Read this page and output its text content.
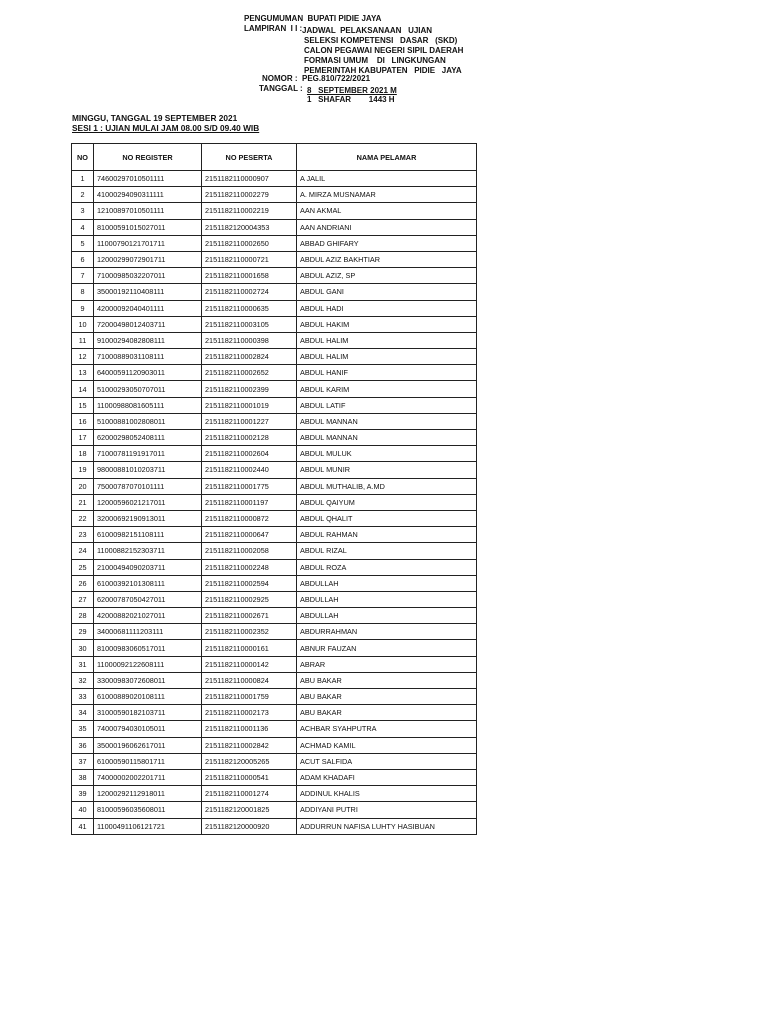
PENGUMUMAN  BUPATI PIDIE JAYA
LAMPIRAN  I I : JADWAL  PELAKSANAAN   UJIAN
SELEKSI KOMPETENSI   DASAR   (SKD)
CALON PEGAWAI NEGERI SIPIL DAERAH
FORMASI UMUM    DI   LINGKUNGAN
PEMERINTAH KABUPATEN   PIDIE   JAYA
NOMOR : PEG.810/722/2021
TANGGAL : 8   SEPTEMBER 2021 M
1   SHAFAR        1443 H
MINGGU, TANGGAL 19 SEPTEMBER 2021
SESI 1 : UJIAN MULAI JAM 08.00 S/D 09.40 WIB
NO	NO REGISTER	NO PESERTA	NAMA PELAMAR
1	74600297010501111	2151182110000907	A JALIL
2	41000294090311111	2151182110002279	A. MIRZA MUSNAMAR
3	12100897010501111	2151182110002219	AAN AKMAL
4	81000591015027011	2151182120004353	AAN ANDRIANI
5	11000790121701711	2151182110002650	ABBAD GHIFARY
6	12000299072901711	2151182110000721	ABDUL AZIZ BAKHTIAR
7	71000985032207011	2151182110001658	ABDUL AZIZ, SP
8	35000192110408111	2151182110002724	ABDUL GANI
9	42000092040401111	2151182110000635	ABDUL HADI
10	72000498012403711	2151182110003105	ABDUL HAKIM
11	91000294082808111	2151182110000398	ABDUL HALIM
12	71000889031108111	2151182110002824	ABDUL HALIM
13	64000591120903011	2151182110002652	ABDUL HANIF
14	51000293050707011	2151182110002399	ABDUL KARIM
15	11000988081605111	2151182110001019	ABDUL LATIF
16	51000881002808011	2151182110001227	ABDUL MANNAN
17	62000298052408111	2151182110002128	ABDUL MANNAN
18	71000781191917011	2151182110002604	ABDUL MULUK
19	98000881010203711	2151182110002440	ABDUL MUNIR
20	75000787070101111	2151182110001775	ABDUL MUTHALIB, A.MD
21	12000596021217011	2151182110001197	ABDUL QAIYUM
22	32000692190913011	2151182110000872	ABDUL QHALIT
23	61000982151108111	2151182110000647	ABDUL RAHMAN
24	11000882152303711	2151182110002058	ABDUL RIZAL
25	21000494090203711	2151182110002248	ABDUL ROZA
26	61000392101308111	2151182110002594	ABDULLAH
27	62000787050427011	2151182110002925	ABDULLAH
28	42000882021027011	2151182110002671	ABDULLAH
29	34000681111203111	2151182110002352	ABDURRAHMAN
30	81000983060517011	2151182110000161	ABNUR FAUZAN
31	11000092122608111	2151182110000142	ABRAR
32	33000983072608011	2151182110000824	ABU BAKAR
33	61000889020108111	2151182110001759	ABU BAKAR
34	31000590182103711	2151182110002173	ABU BAKAR
35	74000794030105011	2151182110001136	ACHBAR SYAHPUTRA
36	35000196062617011	2151182110002842	ACHMAD KAMIL
37	61000590115801711	2151182120005265	ACUT SALFIDA
38	74000002002201711	2151182110000541	ADAM KHADAFI
39	12000292112918011	2151182110001274	ADDINUL KHALIS
40	81000596035608011	2151182120001825	ADDIYANI PUTRI
41	11000491106121721	2151182120000920	ADDURRUN NAFISA LUHTY HASIBUAN
